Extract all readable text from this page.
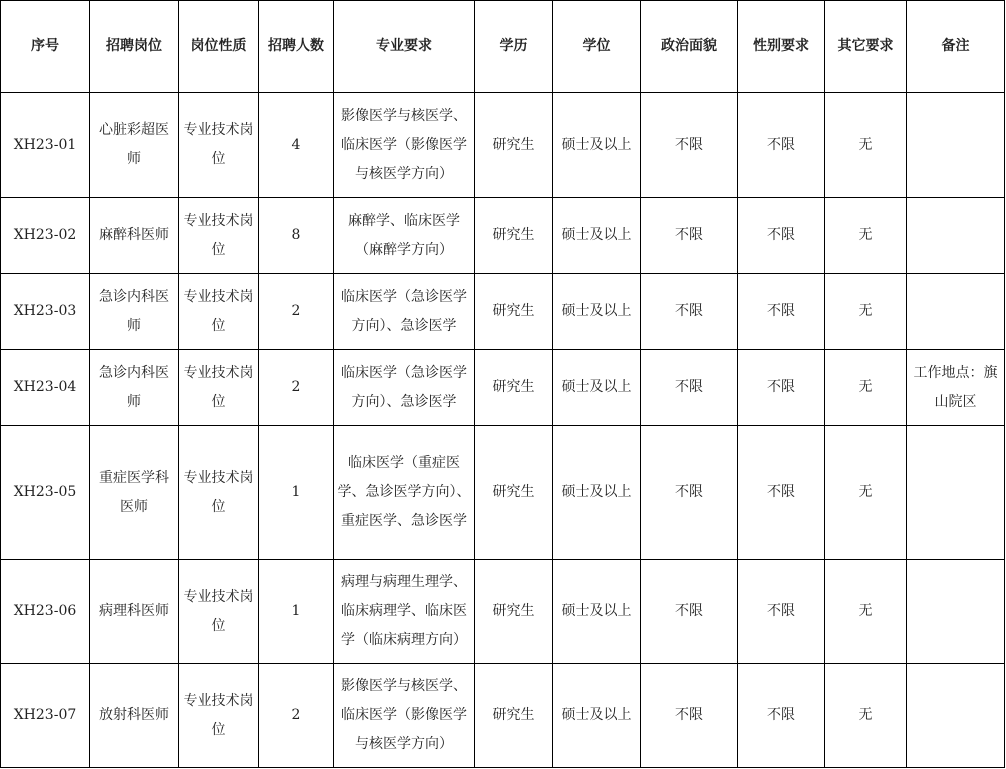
序号	招聘岗位	岗位性质	招聘人数	专业要求	学历	学位	政治面貌	性别要求	其它要求	备注
XH23-01	心脏彩超医师	专业技术岗位	4	影像医学与核医学、临床医学（影像医学与核医学方向）	研究生	硕士及以上	不限	不限	无	
XH23-02	麻醉科医师	专业技术岗位	8	麻醉学、临床医学（麻醉学方向）	研究生	硕士及以上	不限	不限	无	
XH23-03	急诊内科医师	专业技术岗位	2	临床医学（急诊医学方向）、急诊医学	研究生	硕士及以上	不限	不限	无	
XH23-04	急诊内科医师	专业技术岗位	2	临床医学（急诊医学方向）、急诊医学	研究生	硕士及以上	不限	不限	无	工作地点：旗山院区
XH23-05	重症医学科医师	专业技术岗位	1	临床医学（重症医学、急诊医学方向）、重症医学、急诊医学	研究生	硕士及以上	不限	不限	无	
XH23-06	病理科医师	专业技术岗位	1	病理与病理生理学、临床病理学、临床医学（临床病理方向）	研究生	硕士及以上	不限	不限	无	
XH23-07	放射科医师	专业技术岗位	2	影像医学与核医学、临床医学（影像医学与核医学方向）	研究生	硕士及以上	不限	不限	无	
